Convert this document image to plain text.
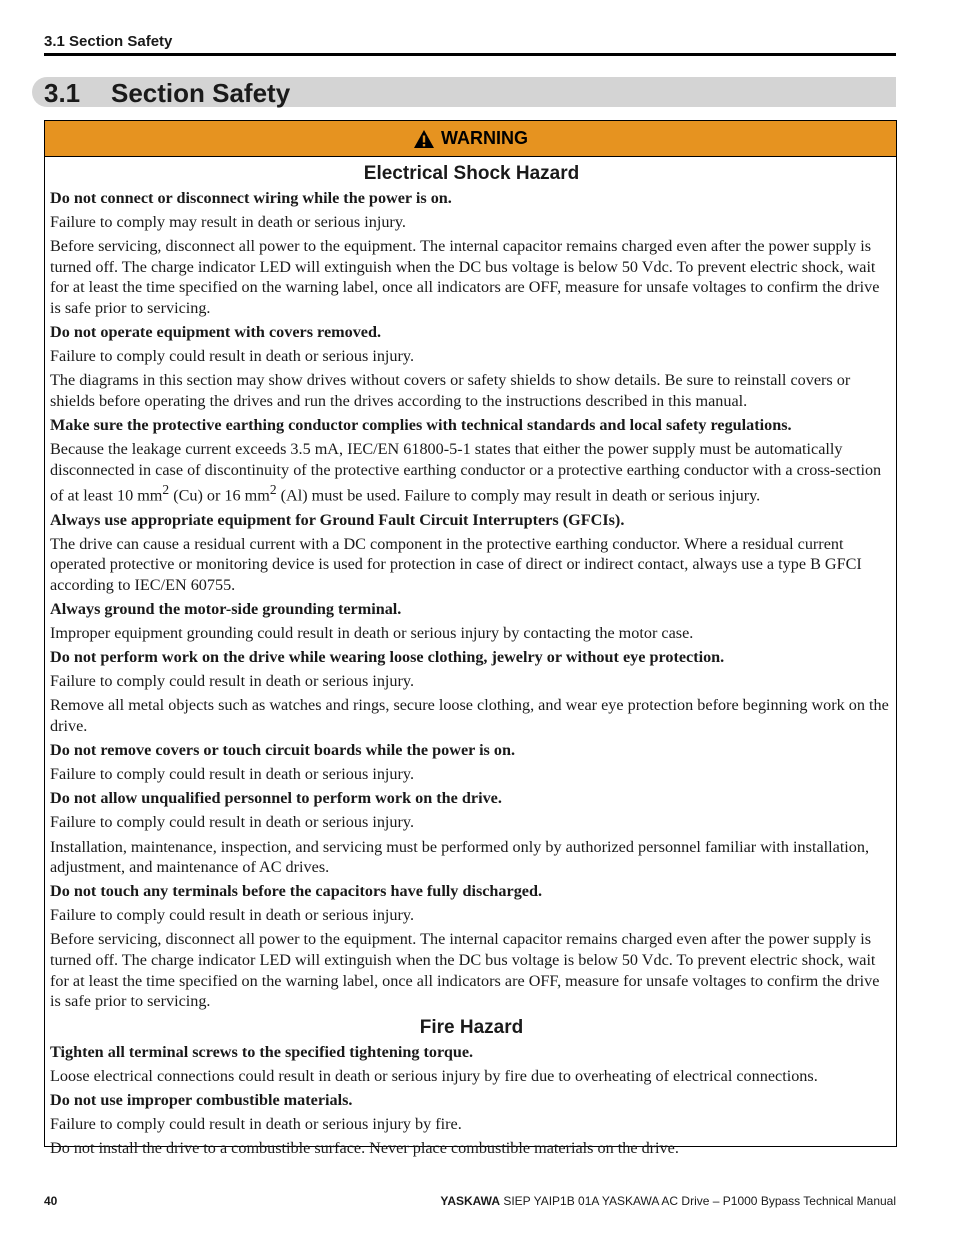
3.1 Section Safety
3.1 Section Safety
WARNING
Electrical Shock Hazard
Do not connect or disconnect wiring while the power is on.
Failure to comply may result in death or serious injury.
Before servicing, disconnect all power to the equipment. The internal capacitor remains charged even after the power supply is turned off. The charge indicator LED will extinguish when the DC bus voltage is below 50 Vdc. To prevent electric shock, wait for at least the time specified on the warning label, once all indicators are OFF, measure for unsafe voltages to confirm the drive is safe prior to servicing.
Do not operate equipment with covers removed.
Failure to comply could result in death or serious injury.
The diagrams in this section may show drives without covers or safety shields to show details. Be sure to reinstall covers or shields before operating the drives and run the drives according to the instructions described in this manual.
Make sure the protective earthing conductor complies with technical standards and local safety regulations.
Because the leakage current exceeds 3.5 mA, IEC/EN 61800-5-1 states that either the power supply must be automatically disconnected in case of discontinuity of the protective earthing conductor or a protective earthing conductor with a cross-section of at least 10 $mm^2$ (Cu) or 16 $mm^2$ (Al) must be used. Failure to comply may result in death or serious injury.
Always use appropriate equipment for Ground Fault Circuit Interrupters (GFCIs).
The drive can cause a residual current with a DC component in the protective earthing conductor. Where a residual current operated protective or monitoring device is used for protection in case of direct or indirect contact, always use a type B GFCI according to IEC/EN 60755.
Always ground the motor-side grounding terminal.
Improper equipment grounding could result in death or serious injury by contacting the motor case.
Do not perform work on the drive while wearing loose clothing, jewelry or without eye protection.
Failure to comply could result in death or serious injury.
Remove all metal objects such as watches and rings, secure loose clothing, and wear eye protection before beginning work on the drive.
Do not remove covers or touch circuit boards while the power is on.
Failure to comply could result in death or serious injury.
Do not allow unqualified personnel to perform work on the drive.
Failure to comply could result in death or serious injury.
Installation, maintenance, inspection, and servicing must be performed only by authorized personnel familiar with installation, adjustment, and maintenance of AC drives.
Do not touch any terminals before the capacitors have fully discharged.
Failure to comply could result in death or serious injury.
Before servicing, disconnect all power to the equipment. The internal capacitor remains charged even after the power supply is turned off. The charge indicator LED will extinguish when the DC bus voltage is below 50 Vdc. To prevent electric shock, wait for at least the time specified on the warning label, once all indicators are OFF, measure for unsafe voltages to confirm the drive is safe prior to servicing.
Fire Hazard
Tighten all terminal screws to the specified tightening torque.
Loose electrical connections could result in death or serious injury by fire due to overheating of electrical connections.
Do not use improper combustible materials.
Failure to comply could result in death or serious injury by fire.
Do not install the drive to a combustible surface. Never place combustible materials on the drive.
40	YASKAWA SIEP YAIP1B 01A YASKAWA AC Drive – P1000 Bypass Technical Manual
